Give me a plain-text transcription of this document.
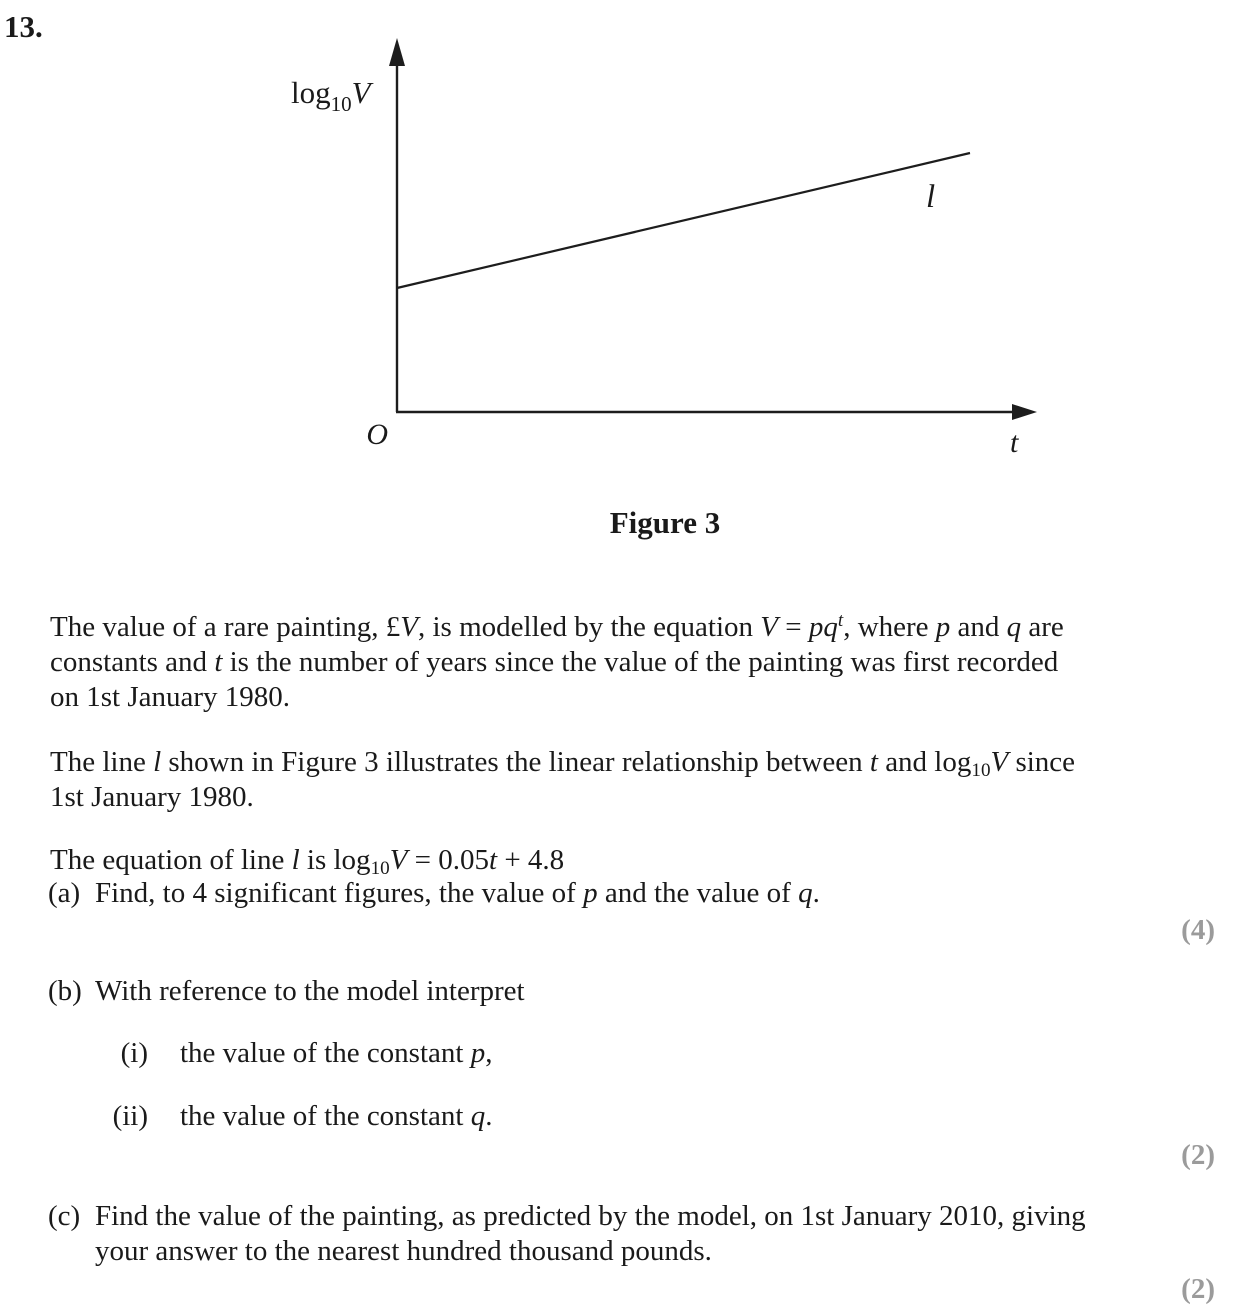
13.
$\log_{10}V$
l
O	t
Figure 3

The value of a rare painting, £V, is modelled by the equation $V = pq^t$, where p and q are
constants and t is the number of years since the value of the painting was first recorded
on 1st January 1980.

The line l shown in Figure 3 illustrates the linear relationship between t and log10V since
1st January 1980.

The equation of line l is log10V = 0.05t + 4.8

(a) Find, to 4 significant figures, the value of p and the value of q.
(4)
(b) With reference to the model interpret
(i) the value of the constant p,
(ii) the value of the constant q.
(2)
(c) Find the value of the painting, as predicted by the model, on 1st January 2010, giving
your answer to the nearest hundred thousand pounds.
(2)
